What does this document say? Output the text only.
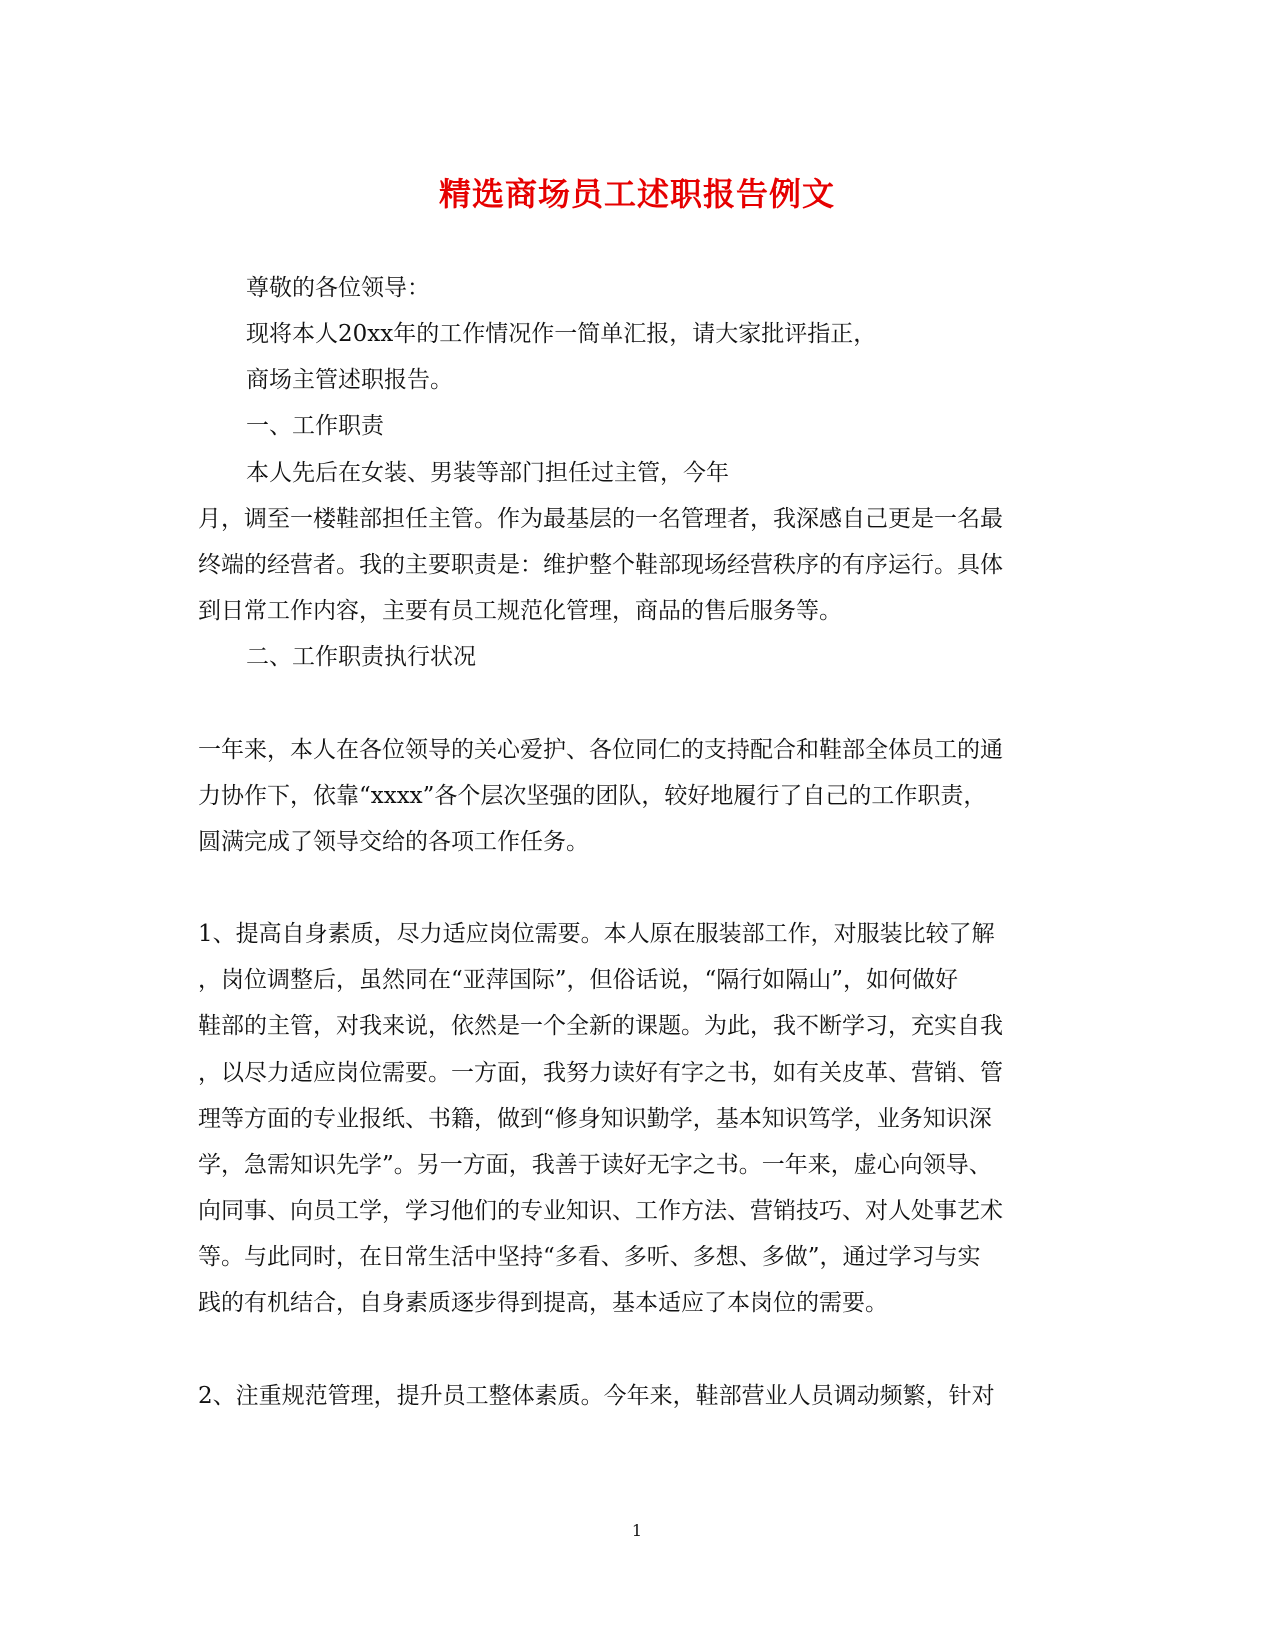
精选商场员工述职报告例文
尊敬的各位领导：
现将本人20xx年的工作情况作一简单汇报，请大家批评指正，
商场主管述职报告。
一、工作职责
本人先后在女装、男装等部门担任过主管，今年
月，调至一楼鞋部担任主管。作为最基层的一名管理者，我深感自己更是一名最
终端的经营者。我的主要职责是：维护整个鞋部现场经营秩序的有序运行。具体
到日常工作内容，主要有员工规范化管理，商品的售后服务等。
二、工作职责执行状况
一年来，本人在各位领导的关心爱护、各位同仁的支持配合和鞋部全体员工的通
力协作下，依靠“xxxx”各个层次坚强的团队，较好地履行了自己的工作职责，
圆满完成了领导交给的各项工作任务。
1、提高自身素质，尽力适应岗位需要。本人原在服装部工作，对服装比较了解
，岗位调整后，虽然同在“亚萍国际”，但俗话说，“隔行如隔山”，如何做好
鞋部的主管，对我来说，依然是一个全新的课题。为此，我不断学习，充实自我
，以尽力适应岗位需要。一方面，我努力读好有字之书，如有关皮革、营销、管
理等方面的专业报纸、书籍，做到“修身知识勤学，基本知识笃学，业务知识深
学，急需知识先学”。另一方面，我善于读好无字之书。一年来，虚心向领导、
向同事、向员工学，学习他们的专业知识、工作方法、营销技巧、对人处事艺术
等。与此同时，在日常生活中坚持“多看、多听、多想、多做”，通过学习与实
践的有机结合，自身素质逐步得到提高，基本适应了本岗位的需要。
2、注重规范管理，提升员工整体素质。今年来，鞋部营业人员调动频繁，针对
1
